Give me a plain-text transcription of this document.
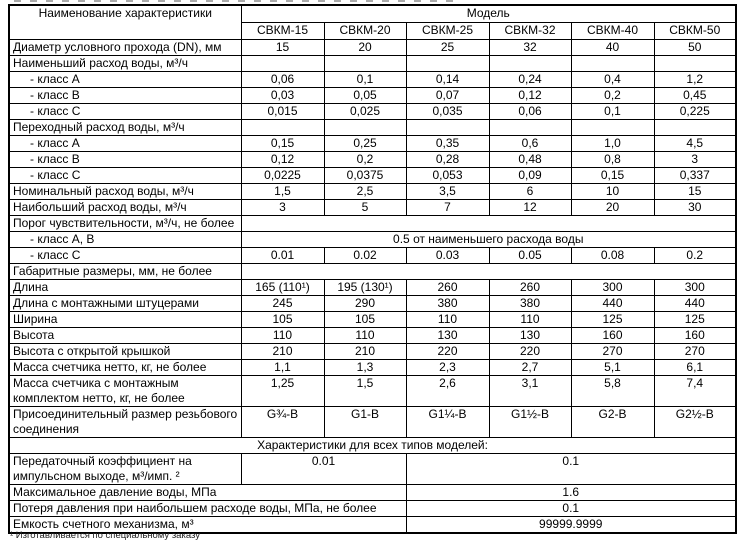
Наименование характеристики	Модель					
	СВКМ-15	СВКМ-20	СВКМ-25	СВКМ-32	СВКМ-40	СВКМ-50
Диаметр условного прохода (DN), мм	15	20	25	32	40	50
Наименьший расход воды, м³/ч						
- класс А	0,06	0,1	0,14	0,24	0,4	1,2
- класс В	0,03	0,05	0,07	0,12	0,2	0,45
- класс С	0,015	0,025	0,035	0,06	0,1	0,225
Переходный расход воды, м³/ч						
- класс А	0,15	0,25	0,35	0,6	1,0	4,5
- класс В	0,12	0,2	0,28	0,48	0,8	3
- класс С	0,0225	0,0375	0,053	0,09	0,15	0,337
Номинальный расход воды, м³/ч	1,5	2,5	3,5	6	10	15
Наибольший расход воды, м³/ч	3	5	7	12	20	30
Порог чувствительности, м³/ч, не более						
- класс А, В	0.5 от наименьшего расхода воды					
- класс С	0.01	0.02	0.03	0.05	0.08	0.2
Габаритные размеры, мм, не более						
Длина	165 (110¹)	195 (130¹)	260	260	300	300
Длина с монтажными штуцерами	245	290	380	380	440	440
Ширина	105	105	110	110	125	125
Высота	110	110	130	130	160	160
Высота с открытой крышкой	210	210	220	220	270	270
Масса счетчика нетто, кг, не более	1,1	1,3	2,3	2,7	5,1	6,1
Масса счетчика с монтажным комплектом нетто, кг, не более	1,25	1,5	2,6	3,1	5,8	7,4
Присоединительный размер резьбового соединения	G¾-B	G1-B	G1¼-B	G1½-B	G2-B	G2½-B
Характеристики для всех типов моделей:						
Передаточный коэффициент на импульсном выходе, м³/имп. ²	0.01		0.1			
Максимальное давление воды, МПа			1.6			
Потеря давления при наибольшем расходе воды, МПа, не более			0.1			
Емкость счетного механизма, м³			99999.9999			
¹ Изготавливается по специальному заказу
